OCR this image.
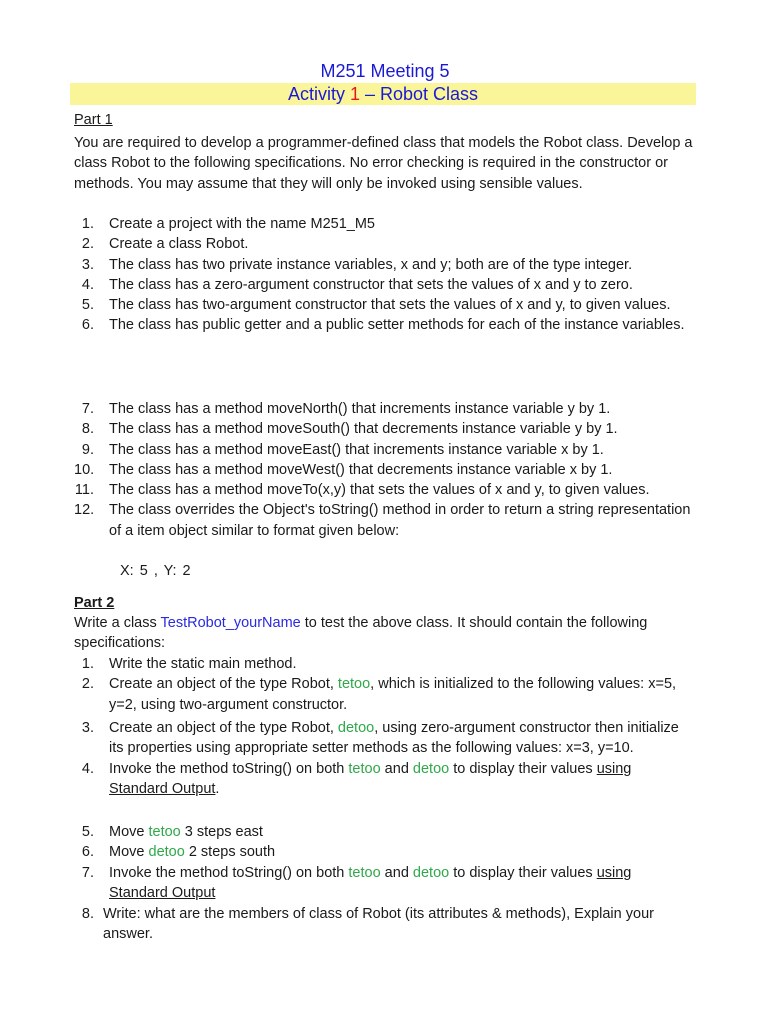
M251 Meeting 5
Activity 1 – Robot Class
Part 1
You are required to develop a programmer-defined class that models the Robot class. Develop a class Robot to the following specifications. No error checking is required in the constructor or methods. You may assume that they will only be invoked using sensible values.
1. Create a project with the name M251_M5
2. Create a class Robot.
3. The class has two private instance variables, x and y; both are of the type integer.
4. The class has a zero-argument constructor that sets the values of x and y to zero.
5. The class has two-argument constructor that sets the values of x and y, to given values.
6. The class has public getter and a public setter methods for each of the instance variables.
7. The class has a method moveNorth() that increments instance variable y by 1.
8. The class has a method moveSouth() that decrements instance variable y by 1.
9. The class has a method moveEast() that increments instance variable x by 1.
10. The class has a method moveWest() that decrements instance variable x by 1.
11. The class has a method moveTo(x,y) that sets the values of x and y, to given values.
12. The class overrides the Object's toString() method in order to return a string representation of a item object similar to format given below:
X: 5 , Y: 2
Part 2
Write a class TestRobot_yourName to test the above class. It should contain the following specifications:
1. Write the static main method.
2. Create an object of the type Robot, tetoo, which is initialized to the following values: x=5, y=2, using two-argument constructor.
3. Create an object of the type Robot, detoo, using zero-argument constructor then initialize its properties using appropriate setter methods as the following values: x=3, y=10.
4. Invoke the method toString() on both tetoo and detoo to display their values using Standard Output.
5. Move tetoo 3 steps east
6. Move detoo 2 steps south
7. Invoke the method toString() on both tetoo and detoo to display their values using Standard Output
8. Write: what are the members of class of Robot (its attributes & methods), Explain your answer.
